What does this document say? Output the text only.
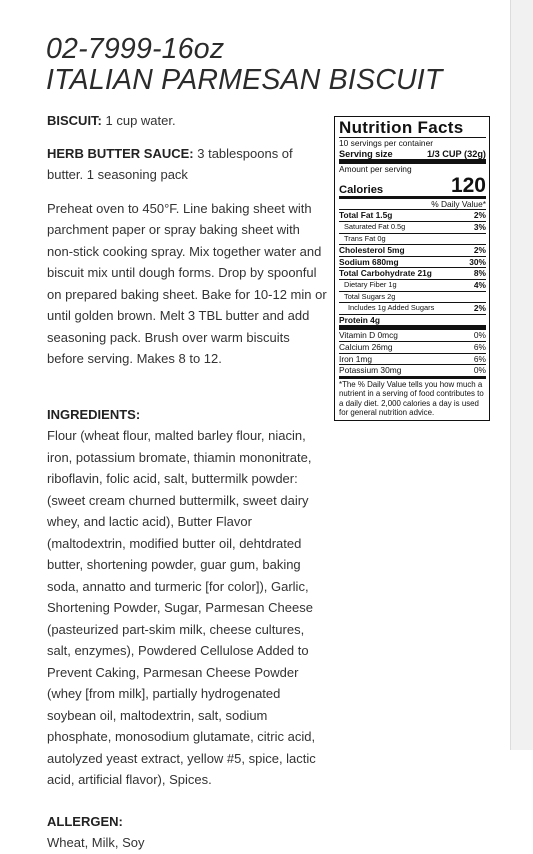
02-7999-16oz
ITALIAN PARMESAN BISCUIT

BISCUIT: 1 cup water.

HERB BUTTER SAUCE: 3 tablespoons of butter. 1 seasoning pack

Preheat oven to 450°F. Line baking sheet with parchment paper or spray baking sheet with non-stick cooking spray. Mix together water and biscuit mix until dough forms. Drop by spoonful on prepared baking sheet. Bake for 10-12 min or until golden brown. Melt 3 TBL butter and add seasoning pack. Brush over warm biscuits before serving. Makes 8 to 12.

INGREDIENTS:

Flour (wheat flour, malted barley flour, niacin, iron, potassium bromate, thiamin mononitrate, riboflavin, folic acid, salt, buttermilk powder: (sweet cream churned buttermilk, sweet dairy whey, and lactic acid), Butter Flavor (maltodextrin, modified butter oil, dehtdrated butter, shortening powder, guar gum, baking soda, annatto and turmeric [for color]), Garlic, Shortening Powder, Sugar, Parmesan Cheese (pasteurized part-skim milk, cheese cultures, salt, enzymes), Powdered Cellulose Added to Prevent Caking, Parmesan Cheese Powder (whey [from milk], partially hydrogenated soybean oil, maltodextrin, salt, sodium phosphate, monosodium glutamate, citric acid, autolyzed yeast extract, yellow #5, spice, lactic acid, artificial flavor), Spices.

ALLERGEN:

Wheat, Milk, Soy

Nutrition Facts
10 servings per container
Serving size	1/3 CUP (32g)
Amount per serving
Calories	120
% Daily Value*
Total Fat 1.5g	2%
Saturated Fat 0.5g	3%
Trans Fat 0g
Cholesterol 5mg	2%
Sodium 680mg	30%
Total Carbohydrate 21g	8%
Dietary Fiber 1g	4%
Total Sugars 2g
Includes 1g Added Sugars	2%
Protein 4g
Vitamin D 0mcg	0%
Calcium 26mg	6%
Iron 1mg	6%
Potassium 30mg	0%
*The % Daily Value tells you how much a nutrient in a serving of food contributes to a daily diet. 2,000 calories a day is used for general nutrition advice.
